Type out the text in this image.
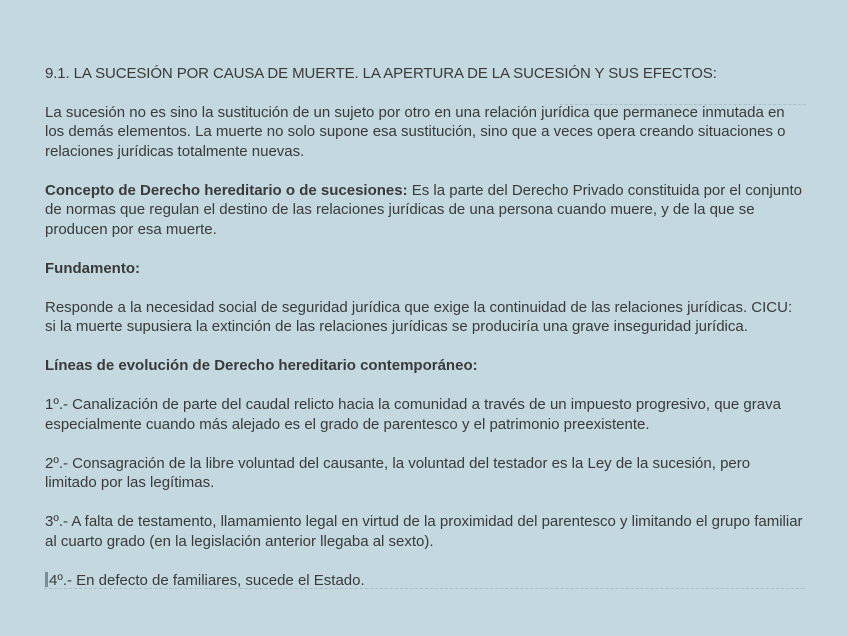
9.1. LA SUCESIÓN POR CAUSA DE MUERTE. LA APERTURA DE LA SUCESIÓN Y SUS EFECTOS:

La sucesión no es sino la sustitución de un sujeto por otro en una relación jurídica que permanece inmutada en los demás elementos. La muerte no solo supone esa sustitución, sino que a veces opera creando situaciones o relaciones jurídicas totalmente nuevas.

Concepto de Derecho hereditario o de sucesiones: Es la parte del Derecho Privado constituida por el conjunto de normas que regulan el destino de las relaciones jurídicas de una persona cuando muere, y de la que se producen por esa muerte.

Fundamento:

Responde a la necesidad social de seguridad jurídica que exige la continuidad de las relaciones jurídicas. CICU: si la muerte supusiera la extinción de las relaciones jurídicas se produciría una grave inseguridad jurídica.

Líneas de evolución de Derecho hereditario contemporáneo:

1º.- Canalización de parte del caudal relicto hacia la comunidad a través de un impuesto progresivo, que grava especialmente cuando más alejado es el grado de parentesco y el patrimonio preexistente.

2º.- Consagración de la libre voluntad del causante, la voluntad del testador es la Ley de la sucesión, pero limitado por las legítimas.

3º.- A falta de testamento, llamamiento legal en virtud de la proximidad del parentesco y limitando el grupo familiar al cuarto grado (en la legislación anterior llegaba al sexto).

4º.- En defecto de familiares, sucede el Estado.
